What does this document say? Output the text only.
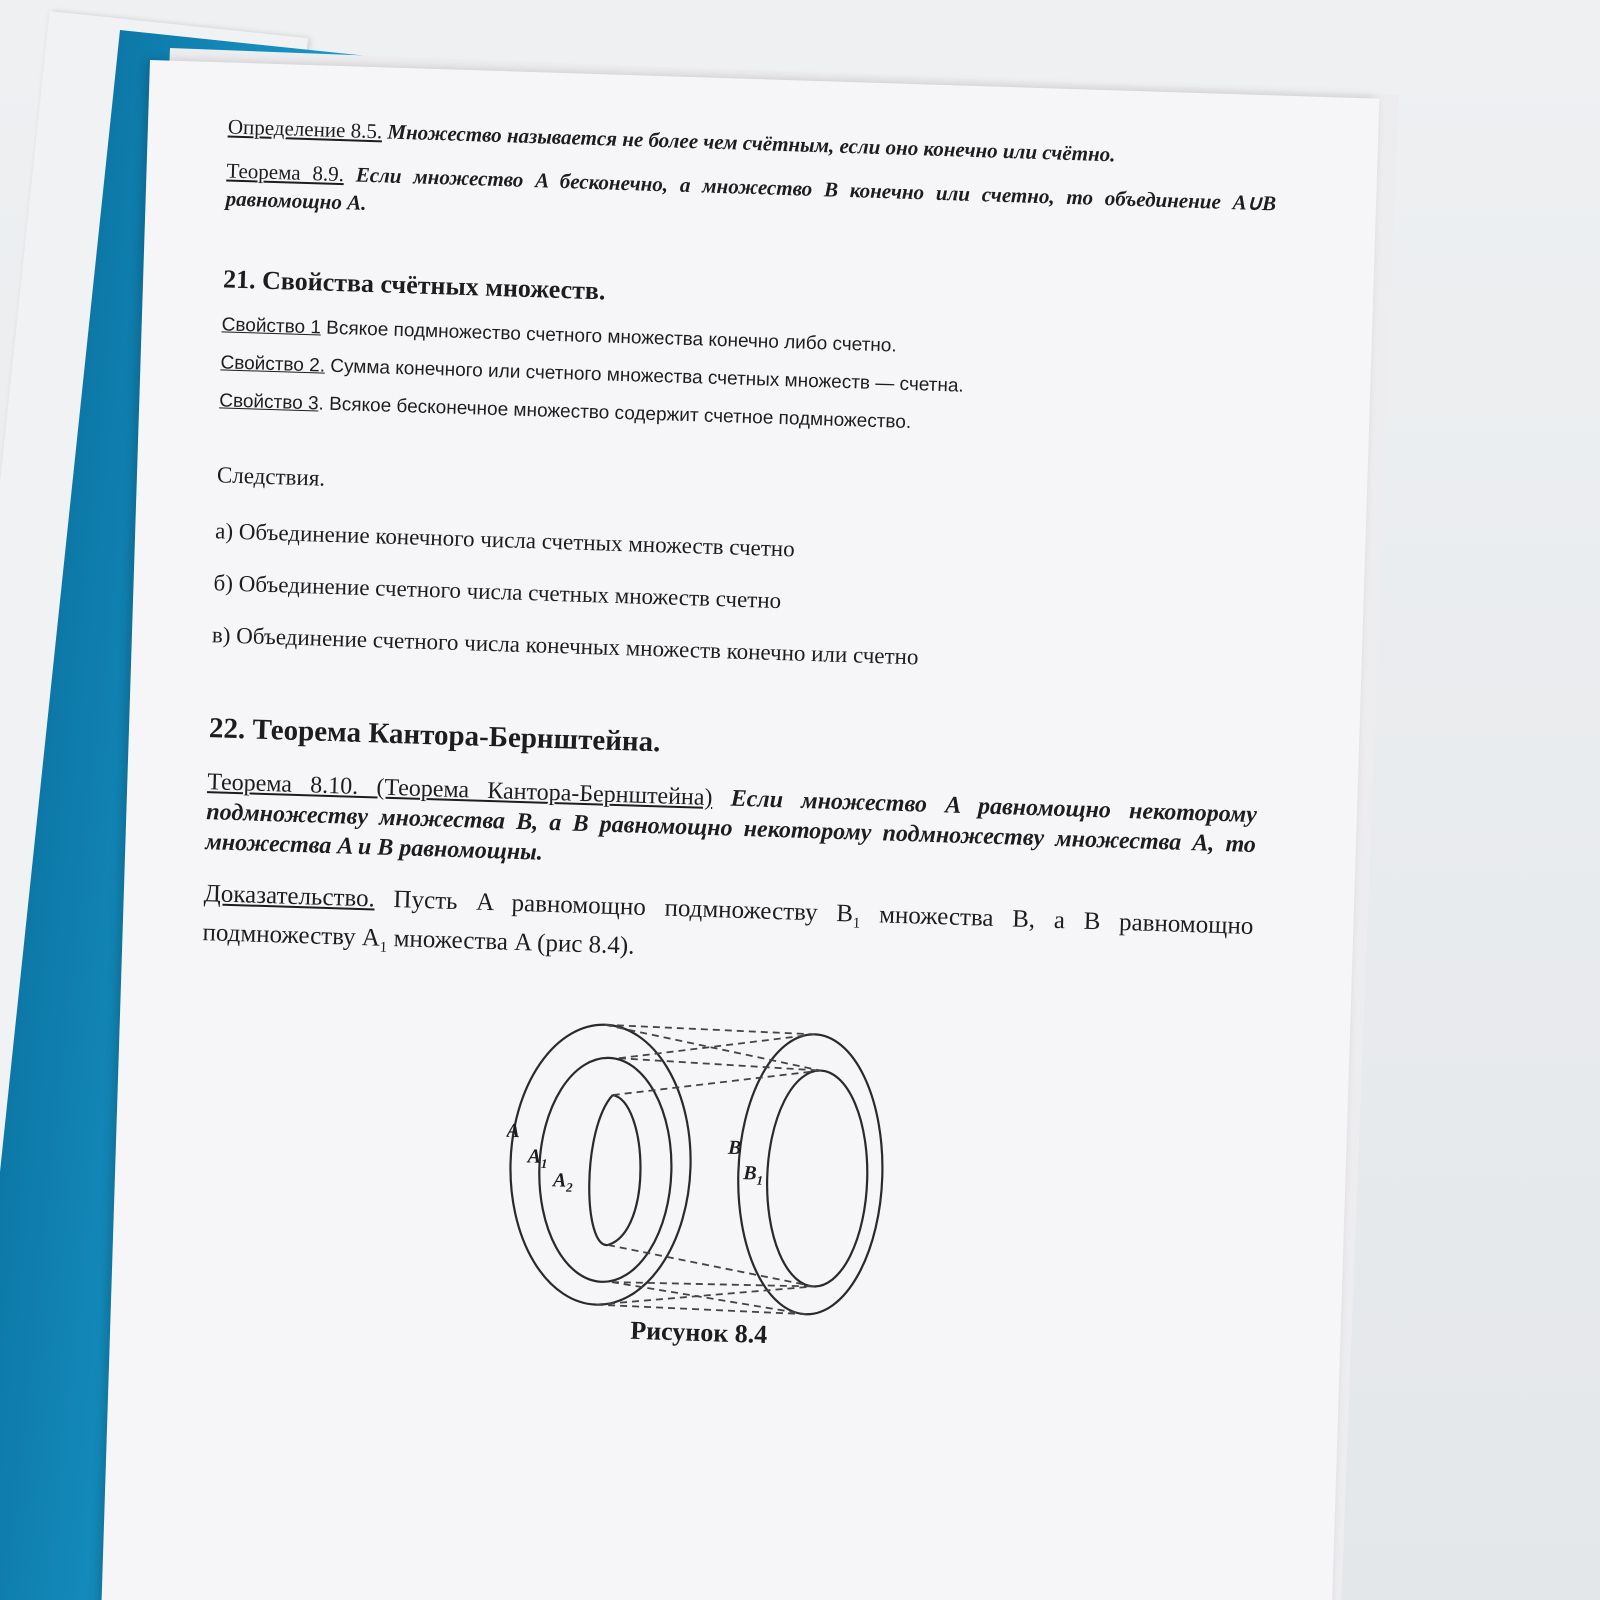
Определение 8.5. Множество называется не более чем счётным, если оно конечно или счётно.

Теорема 8.9. Если множество A бесконечно, а множество B конечно или счетно, то объединение A∪B равномощно A.

21. Свойства счётных множеств.

Свойство 1 Всякое подмножество счетного множества конечно либо счетно.

Свойство 2. Сумма конечного или счетного множества счетных множеств — счетна.

Свойство 3. Всякое бесконечное множество содержит счетное подмножество.

Следствия.

а) Объединение конечного числа счетных множеств счетно

б) Объединение счетного числа счетных множеств счетно

в) Объединение счетного числа конечных множеств конечно или счетно

22. Теорема Кантора-Бернштейна.

Теорема 8.10. (Теорема Кантора-Бернштейна) Если множество A равномощно некоторому подмножеству множества B, а B равномощно некоторому подмножеству множества A, то множества A и B равномощны.

Доказательство. Пусть A равномощно подмножеству $B_1$ множества B, а B равномощно подмножеству $A_1$ множества A (рис 8.4).

A
$A_1$
$A_2$
B
$B_1$
Рисунок 8.4
